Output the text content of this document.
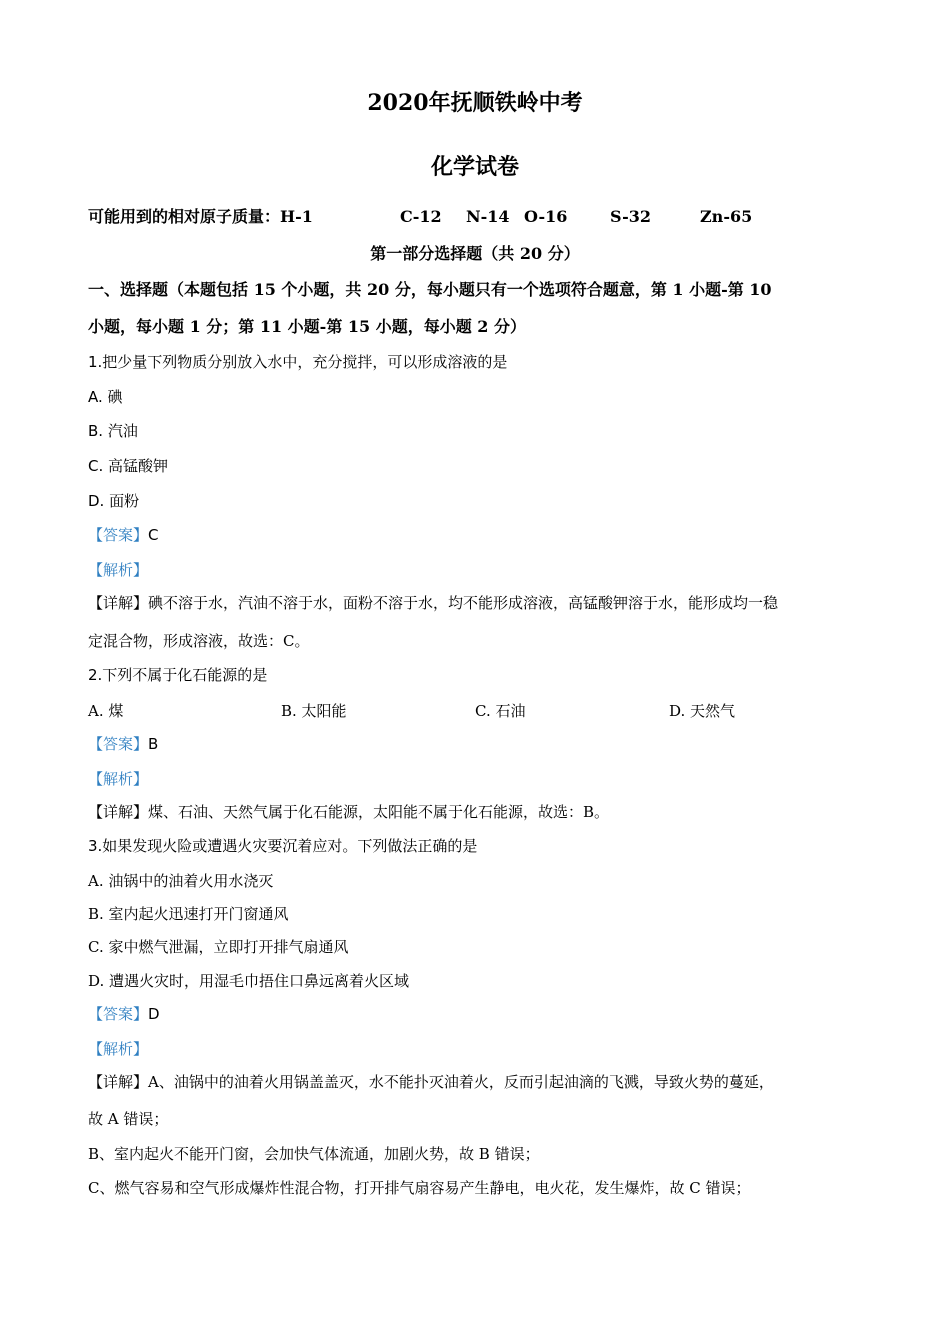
2020年抚顺铁岭中考
化学试卷
可能用到的相对原子质量：H-1	C-12 N-14 O-16	S-32	Zn-65
第一部分选择题（共 20 分）
一、选择题（本题包括 15 个小题，共 20 分，每小题只有一个选项符合题意，第 1 小题-第 10
小题，每小题 1 分；第 11 小题-第 15 小题，每小题 2 分）
1.把少量下列物质分别放入水中，充分搅拌，可以形成溶液的是
A. 碘
B. 汽油
C. 高锰酸钾
D. 面粉
【答案】C
【解析】
【详解】碘不溶于水，汽油不溶于水，面粉不溶于水，均不能形成溶液，高锰酸钾溶于水，能形成均一稳
定混合物，形成溶液，故选：C。
2.下列不属于化石能源的是
A. 煤	B. 太阳能	C. 石油	D. 天然气
【答案】B
【解析】
【详解】煤、石油、天然气属于化石能源，太阳能不属于化石能源，故选：B。
3.如果发现火险或遭遇火灾要沉着应对。下列做法正确的是
A. 油锅中的油着火用水浇灭
B. 室内起火迅速打开门窗通风
C. 家中燃气泄漏，立即打开排气扇通风
D. 遭遇火灾时，用湿毛巾捂住口鼻远离着火区域
【答案】D
【解析】
【详解】A、油锅中的油着火用锅盖盖灭，水不能扑灭油着火，反而引起油滴的飞溅，导致火势的蔓延，
故 A 错误；
B、室内起火不能开门窗，会加快气体流通，加剧火势，故 B 错误；
C、燃气容易和空气形成爆炸性混合物，打开排气扇容易产生静电，电火花，发生爆炸，故 C 错误；
